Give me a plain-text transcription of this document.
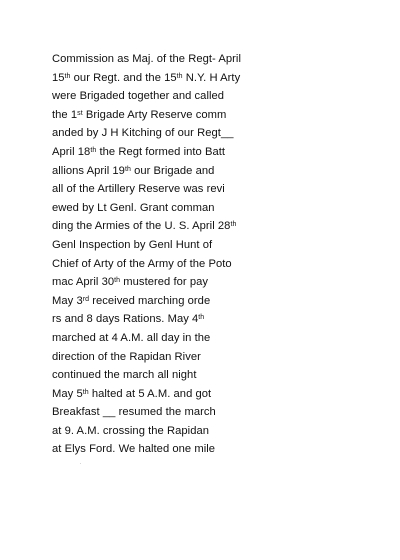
Commission as Maj. of the Regt- April
15th our Regt. and the 15th N.Y. H Arty
were Brigaded together and called
the 1st Brigade Arty Reserve comm
anded by J H Kitching of our Regt__
April 18th the Regt formed into Batt
allions April 19th our Brigade and
all of the Artillery Reserve was revi
ewed by Lt Genl. Grant comman
ding the Armies of the U. S. April 28th
Genl Inspection by Genl Hunt of
Chief of Arty of the Army of the Poto
mac April 30th mustered for pay
May 3rd received marching orde
rs and 8 days Rations. May 4th
marched at 4 A.M. all day in the
direction of the Rapidan River
continued the march all night
May 5th halted at 5 A.M. and got
Breakfast __ resumed the march
at 9. A.M. crossing the Rapidan
at Elys Ford. We halted one mile
